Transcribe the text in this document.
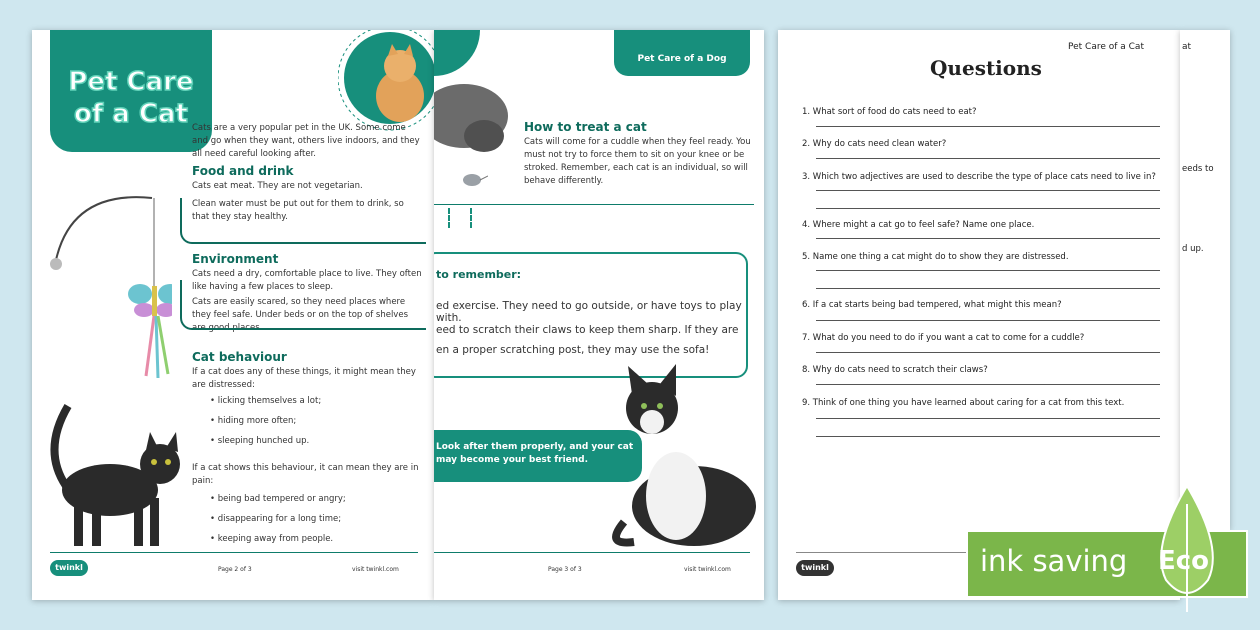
Pet Care of a Cat Cats are a very popular pet in the UK. Some come and go when they want, others live indoors, and they all need careful looking after.
Food and drink
Cats eat meat. They are not vegetarian.
Clean water must be put out for them to drink, so that they stay healthy.
Environment
Cats need a dry, comfortable place to live. They often like having a few places to sleep.
Cats are easily scared, so they need places where they feel safe. Under beds or on the top of shelves are good places.
Cat behaviour
If a cat does any of these things, it might mean they are distressed:
• licking themselves a lot;
• hiding more often;
• sleeping hunched up.
If a cat shows this behaviour, it can mean they are in pain:
• being bad tempered or angry;
• disappearing for a long time;
• keeping away from people.
twinkl	Page 2 of 3	visit twinkl.com
Pet Care of a Dog
How to treat a cat
Cats will come for a cuddle when they feel ready. You must not try to force them to sit on your knee or be stroked. Remember, each cat is an individual, so will behave differently.
to remember:
ed exercise. They need to go outside, or have toys to play with.
eed to scratch their claws to keep them sharp. If they are
en a proper scratching post, they may use the sofa!
Look after them properly, and your cat
may become your best friend.
Page 3 of 3	visit twinkl.com
Pet Care of a Cat
Questions
1. What sort of food do cats need to eat?
2. Why do cats need clean water?
3. Which two adjectives are used to describe the type of place cats need to live in?
4. Where might a cat go to feel safe? Name one place.
5. Name one thing a cat might do to show they are distressed.
6. If a cat starts being bad tempered, what might this mean?
7. What do you need to do if you want a cat to come for a cuddle?
8. Why do cats need to scratch their claws?
9. Think of one thing you have learned about caring for a cat from this text.
twinkl
at
eeds to
d up.
ink saving Eco
